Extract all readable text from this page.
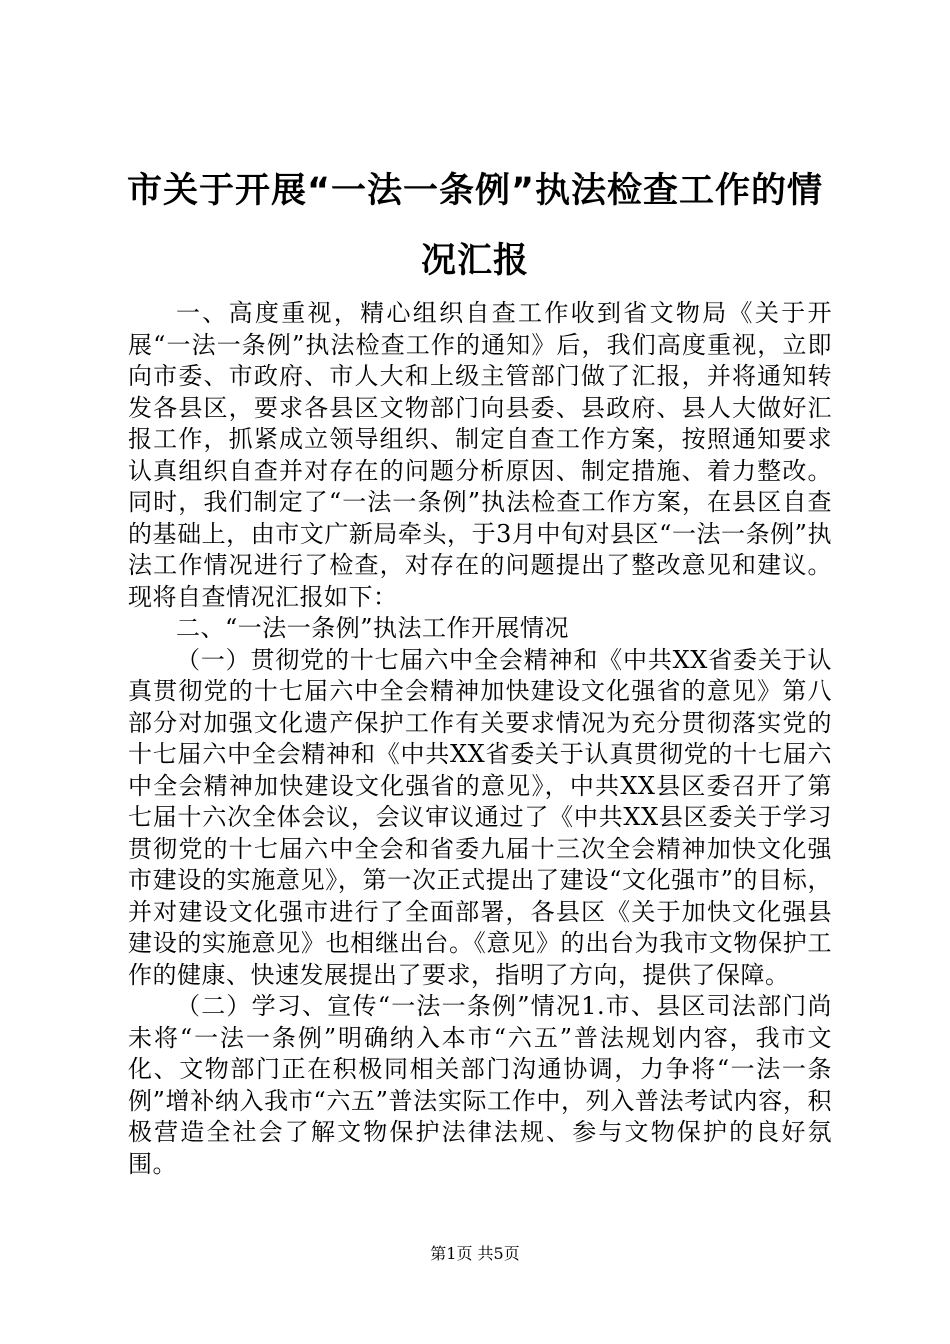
市关于开展“一法一条例”执法检查工作的情况汇报

一、高度重视，精心组织自查工作收到省文物局《关于开展“一法一条例”执法检查工作的通知》后，我们高度重视，立即向市委、市政府、市人大和上级主管部门做了汇报，并将通知转发各县区，要求各县区文物部门向县委、县政府、县人大做好汇报工作，抓紧成立领导组织、制定自查工作方案，按照通知要求认真组织自查并对存在的问题分析原因、制定措施、着力整改。同时，我们制定了“一法一条例”执法检查工作方案，在县区自查的基础上，由市文广新局牵头，于3月中旬对县区“一法一条例”执法工作情况进行了检查，对存在的问题提出了整改意见和建议。现将自查情况汇报如下：

二、“一法一条例”执法工作开展情况

（一）贯彻党的十七届六中全会精神和《中共XX省委关于认真贯彻党的十七届六中全会精神加快建设文化强省的意见》第八部分对加强文化遗产保护工作有关要求情况为充分贯彻落实党的十七届六中全会精神和《中共XX省委关于认真贯彻党的十七届六中全会精神加快建设文化强省的意见》，中共XX县区委召开了第七届十六次全体会议，会议审议通过了《中共XX县区委关于学习贯彻党的十七届六中全会和省委九届十三次全会精神加快文化强市建设的实施意见》，第一次正式提出了建设“文化强市”的目标，并对建设文化强市进行了全面部署，各县区《关于加快文化强县建设的实施意见》也相继出台。《意见》的出台为我市文物保护工作的健康、快速发展提出了要求，指明了方向，提供了保障。

（二）学习、宣传“一法一条例”情况1.市、县区司法部门尚未将“一法一条例”明确纳入本市“六五”普法规划内容，我市文化、文物部门正在积极同相关部门沟通协调，力争将“一法一条例”增补纳入我市“六五”普法实际工作中，列入普法考试内容，积极营造全社会了解文物保护法律法规、参与文物保护的良好氛围。

第1页 共5页
